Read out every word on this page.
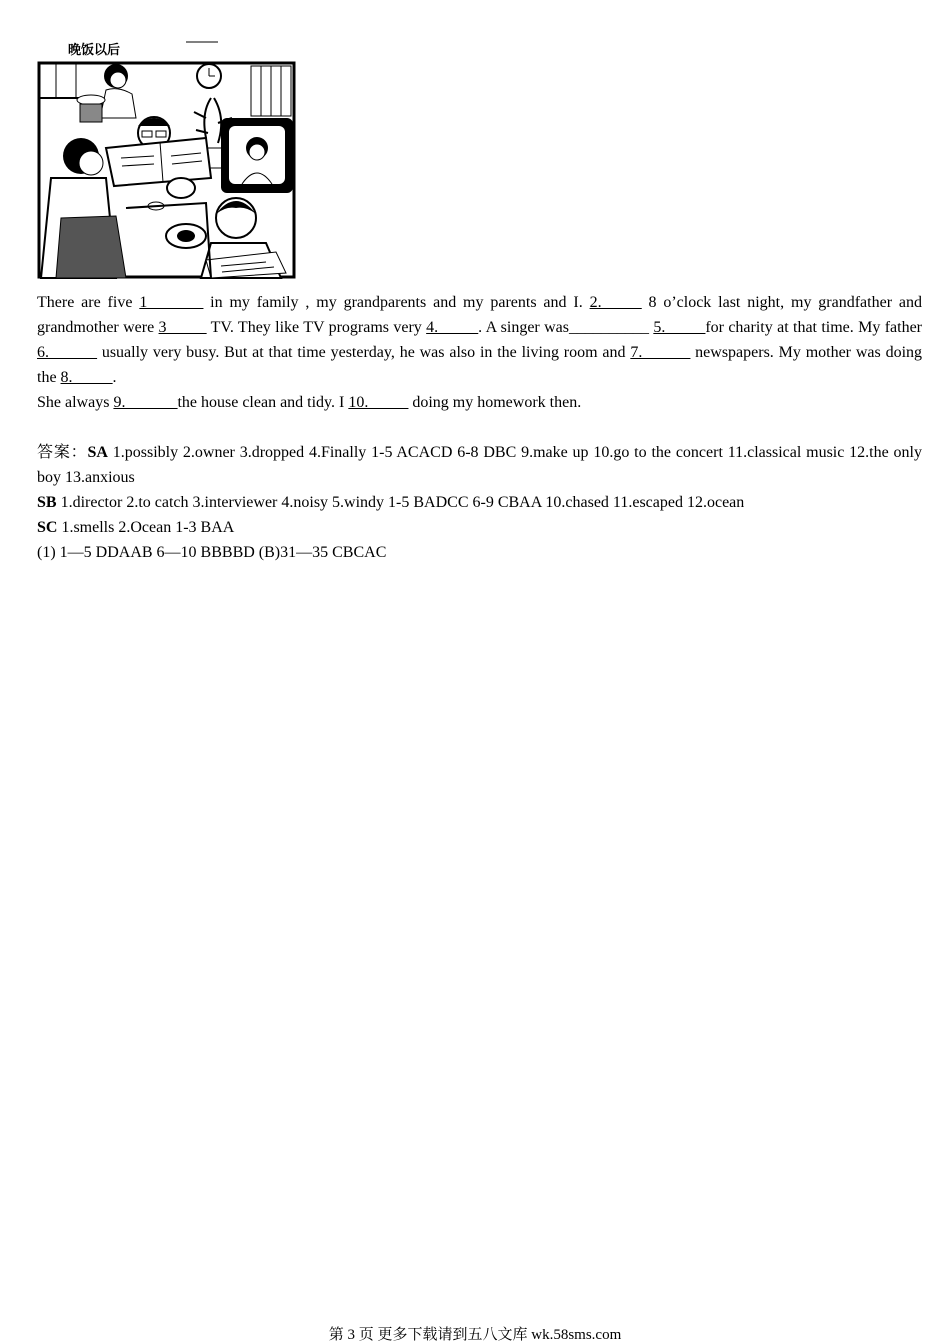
晚饭以后

There are five 1_______ in my family , my grandparents and my parents and I. 2._____ 8 o’clock last night, my grandfather and grandmother were 3_____ TV. They like TV programs very 4._____. A singer was__________ 5._____for charity at that time. My father 6.______ usually very busy. But at that time yesterday, he was also in the living room and 7.______ newspapers. My mother was doing the 8._____.

She always 9. ______the house clean and tidy. I 10._____ doing my homework then.

答案：SA 1.possibly 2.owner 3.dropped 4.Finally 1-5 ACACD 6-8 DBC 9.make up 10.go to the concert 11.classical music 12.the only boy 13.anxious

SB 1.director 2.to catch 3.interviewer 4.noisy 5.windy 1-5 BADCC 6-9 CBAA 10.chased 11.escaped 12.ocean

SC 1.smells 2.Ocean 1-3 BAA

(1) 1—5 DDAAB 6—10 BBBBD (B)31—35 CBCAC

第 3 页 更多下载请到五八文库 wk.58sms.com
